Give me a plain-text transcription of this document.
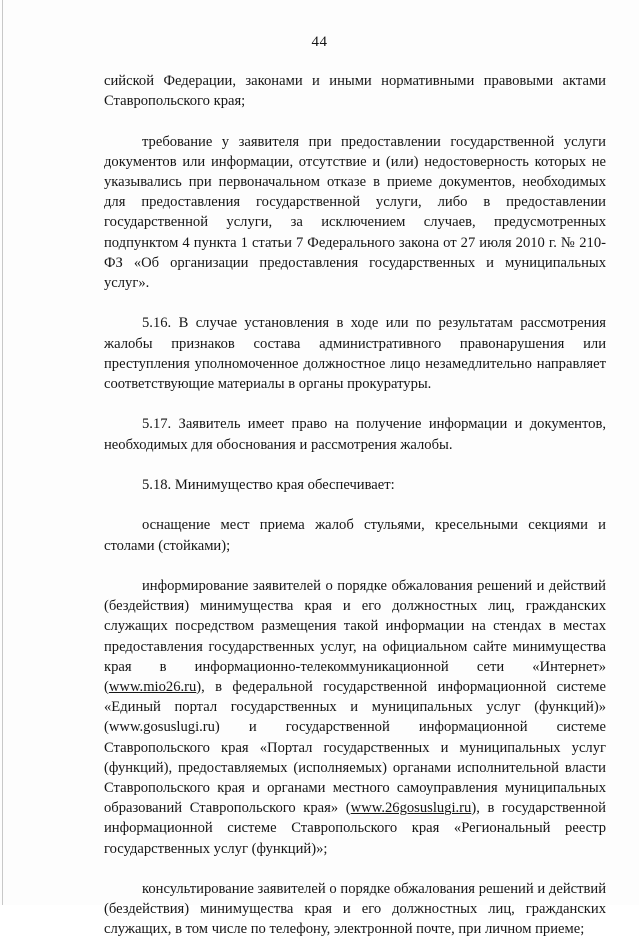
44

сийской Федерации, законами и иными нормативными правовыми актами Ставропольского края;

требование у заявителя при предоставлении государственной услуги документов или информации, отсутствие и (или) недостоверность которых не указывались при первоначальном отказе в приеме документов, необходимых для предоставления государственной услуги, либо в предоставлении государственной услуги, за исключением случаев, предусмотренных подпунктом 4 пункта 1 статьи 7 Федерального закона от 27 июля 2010 г. № 210-ФЗ «Об организации предоставления государственных и муниципальных услуг».

5.16. В случае установления в ходе или по результатам рассмотрения жалобы признаков состава административного правонарушения или преступления уполномоченное должностное лицо незамедлительно направляет соответствующие материалы в органы прокуратуры.

5.17. Заявитель имеет право на получение информации и документов, необходимых для обоснования и рассмотрения жалобы.

5.18. Минимущество края обеспечивает:

оснащение мест приема жалоб стульями, кресельными секциями и столами (стойками);

информирование заявителей о порядке обжалования решений и действий (бездействия) минимущества края и его должностных лиц, гражданских служащих посредством размещения такой информации на стендах в местах предоставления государственных услуг, на официальном сайте минимущества края в информационно-телекоммуникационной сети «Интернет» (www.mio26.ru), в федеральной государственной информационной системе «Единый портал государственных и муниципальных услуг (функций)» (www.gosuslugi.ru) и государственной информационной системе Ставропольского края «Портал государственных и муниципальных услуг (функций), предоставляемых (исполняемых) органами исполнительной власти Ставропольского края и органами местного самоуправления муниципальных образований Ставропольского края» (www.26gosuslugi.ru), в государственной информационной системе Ставропольского края «Региональный реестр государственных услуг (функций)»;

консультирование заявителей о порядке обжалования решений и действий (бездействия) минимущества края и его должностных лиц, гражданских служащих, в том числе по телефону, электронной почте, при личном приеме;
